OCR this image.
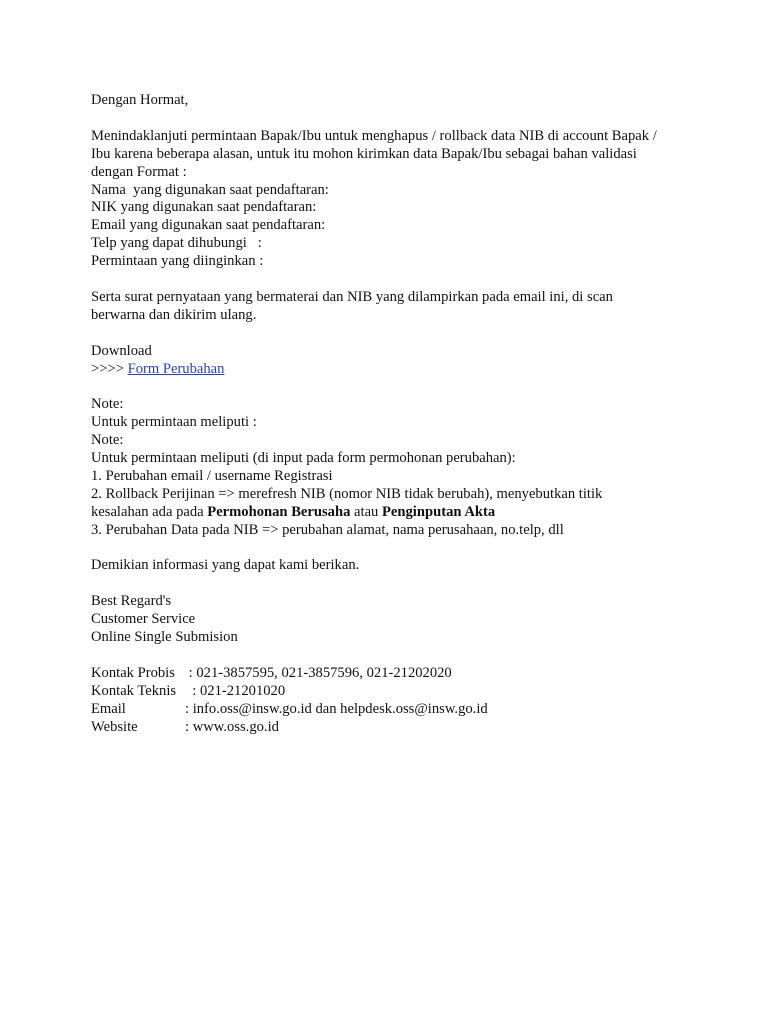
Dengan Hormat,
Menindaklanjuti permintaan Bapak/Ibu untuk menghapus / rollback data NIB di account Bapak /
Ibu karena beberapa alasan, untuk itu mohon kirimkan data Bapak/Ibu sebagai bahan validasi
dengan Format :
Nama  yang digunakan saat pendaftaran:
NIK yang digunakan saat pendaftaran:
Email yang digunakan saat pendaftaran:
Telp yang dapat dihubungi   :
Permintaan yang diinginkan :
Serta surat pernyataan yang bermaterai dan NIB yang dilampirkan pada email ini, di scan
berwarna dan dikirim ulang.
Download
>>>> Form Perubahan
Note:
Untuk permintaan meliputi :
Note:
Untuk permintaan meliputi (di input pada form permohonan perubahan):
1. Perubahan email / username Registrasi
2. Rollback Perijinan => merefresh NIB (nomor NIB tidak berubah), menyebutkan titik
kesalahan ada pada Permohonan Berusaha atau Penginputan Akta
3. Perubahan Data pada NIB => perubahan alamat, nama perusahaan, no.telp, dll
Demikian informasi yang dapat kami berikan.
Best Regard's
Customer Service
Online Single Submision
Kontak Probis : 021-3857595, 021-3857596, 021-21202020
Kontak Teknis : 021-21201020
Email	: info.oss@insw.go.id dan helpdesk.oss@insw.go.id
Website	: www.oss.go.id
